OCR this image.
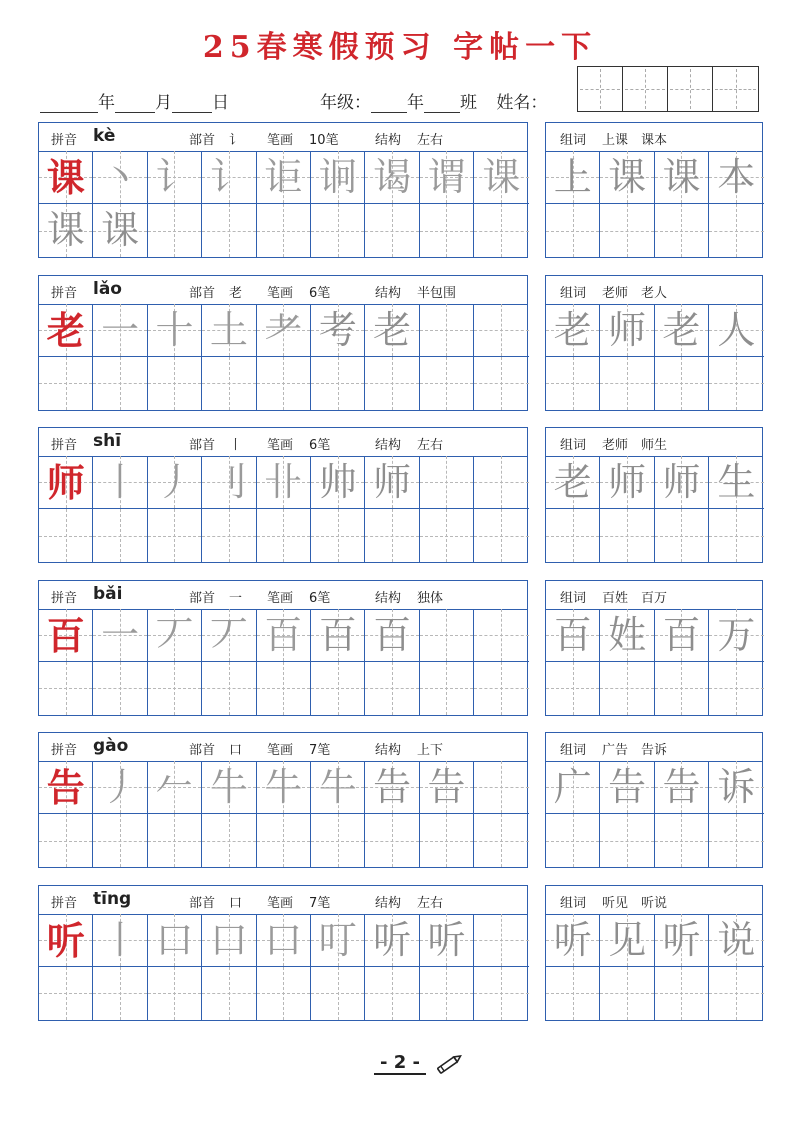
25春寒假预习 字帖一下
年 月 日	年级： 年 班 姓名：
拼音 kè	部首 讠 笔画 10笔	结构 左右
课 丶 讠 讠 讵 诇 谒 谓 课
课 课
组词 上课　课本
上 课 课 本
拼音 lǎo	部首 老 笔画 6笔	结构 半包围
老 一 十 土 耂 考 老
组词 老师　老人
老 师 老 人
拼音 shī	部首 丨 笔画 6笔	结构 左右
师 丨 丿 刂 卝 帅 师
组词 老师　师生
老 师 师 生
拼音 bǎi	部首 一 笔画 6笔	结构 独体
百 一 丆 丆 百 百 百
组词 百姓　百万
百 姓 百 万
拼音 gào	部首 口 笔画 7笔	结构 上下
告 丿 𠂉 牛 牛 牛 告 告
组词 广告　告诉
广 告 告 诉
拼音 tīng	部首 口 笔画 7笔	结构 左右
听 丨 口 口 口 叮 听 听
组词 听见　听说
听 见 听 说
- 2 -
